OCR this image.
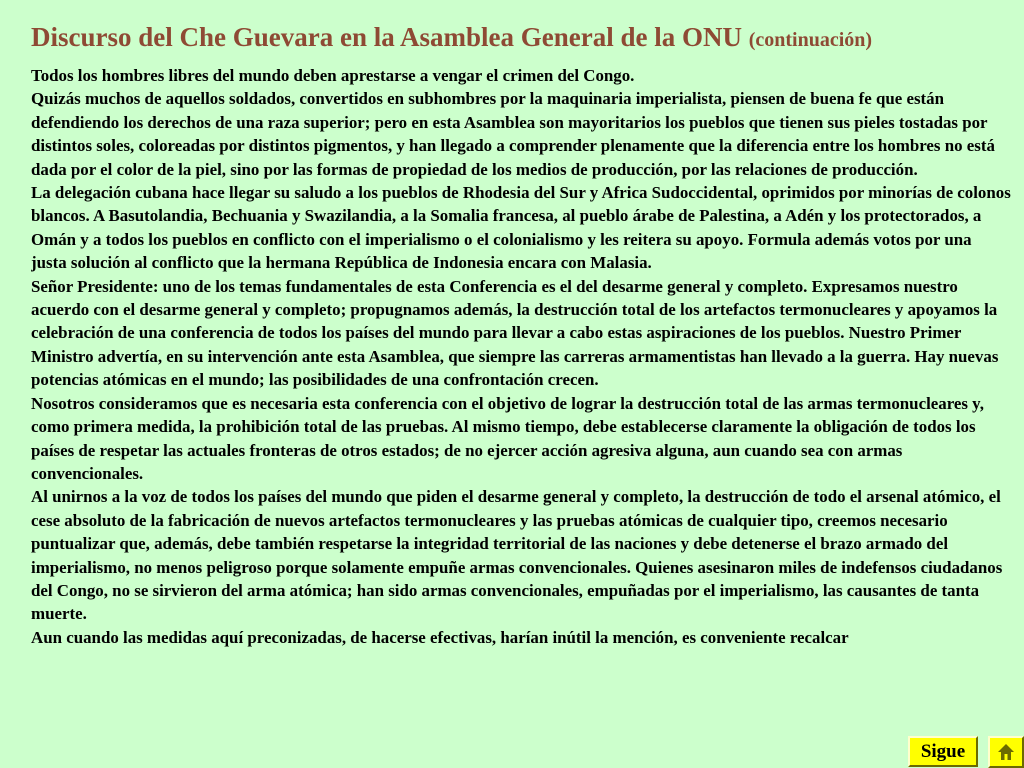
Discurso del Che Guevara en la Asamblea General de la ONU (continuación)

Todos los hombres libres del mundo deben aprestarse a vengar el crimen del Congo.

Quizás muchos de aquellos soldados, convertidos en subhombres por la maquinaria imperialista, piensen de buena fe que están defendiendo los derechos de una raza superior; pero en esta Asamblea son mayoritarios los pueblos que tienen sus pieles tostadas por distintos soles, coloreadas por distintos pigmentos, y han llegado a comprender plenamente que la diferencia entre los hombres no está dada por el color de la piel, sino por las formas de propiedad de los medios de producción, por las relaciones de producción.

La delegación cubana hace llegar su saludo a los pueblos de Rhodesia del Sur y Africa Sudoccidental, oprimidos por minorías de colonos blancos. A Basutolandia, Bechuania y Swazilandia, a la Somalia francesa, al pueblo árabe de Palestina, a Adén y los protectorados, a Omán y a todos los pueblos en conflicto con el imperialismo o el colonialismo y les reitera su apoyo. Formula además votos por una justa solución al conflicto que la hermana República de Indonesia encara con Malasia.

Señor Presidente: uno de los temas fundamentales de esta Conferencia es el del desarme general y completo. Expresamos nuestro acuerdo con el desarme general y completo; propugnamos además, la destrucción total de los artefactos termonucleares y apoyamos la celebración de una conferencia de todos los países del mundo para llevar a cabo estas aspiraciones de los pueblos. Nuestro Primer Ministro advertía, en su intervención ante esta Asamblea, que siempre las carreras armamentistas han llevado a la guerra. Hay nuevas potencias atómicas en el mundo; las posibilidades de una confrontación crecen.

Nosotros consideramos que es necesaria esta conferencia con el objetivo de lograr la destrucción total de las armas termonucleares y, como primera medida, la prohibición total de las pruebas. Al mismo tiempo, debe establecerse claramente la obligación de todos los países de respetar las actuales fronteras de otros estados; de no ejercer acción agresiva alguna, aun cuando sea con armas convencionales.

Al unirnos a la voz de todos los países del mundo que piden el desarme general y completo, la destrucción de todo el arsenal atómico, el cese absoluto de la fabricación de nuevos artefactos termonucleares y las pruebas atómicas de cualquier tipo, creemos necesario puntualizar que, además, debe también respetarse la integridad territorial de las naciones y debe detenerse el brazo armado del imperialismo, no menos peligroso porque solamente empuñe armas convencionales. Quienes asesinaron miles de indefensos ciudadanos del Congo, no se sirvieron del arma atómica; han sido armas convencionales, empuñadas por el imperialismo, las causantes de tanta muerte.

Aun cuando las medidas aquí preconizadas, de hacerse efectivas, harían inútil la mención, es conveniente recalcar

Sigue
